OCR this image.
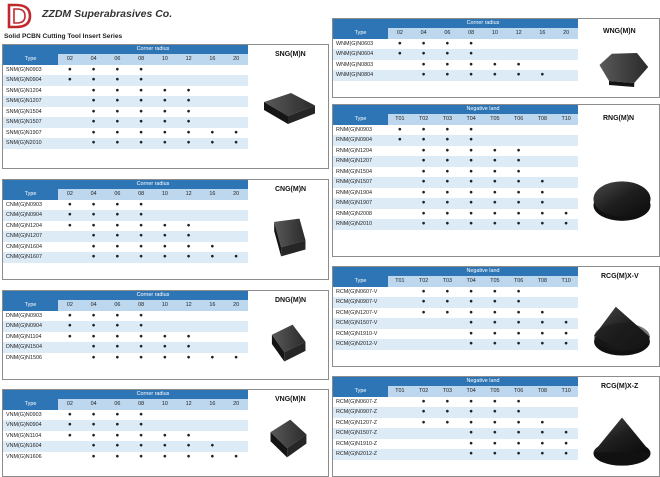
ZZDM Superabrasives Co.
Solid PCBN Cutting Tool Insert Series
	Corner radius							
Type	02	04	06	08	10	12	16	20
SNM(G)N0903	●	●	●	●				
SNM(G)N0904	●	●	●	●				
SNM(G)N1204		●	●	●	●	●		
SNM(G)N1207		●	●	●	●	●		
SNM(G)N1504		●	●	●	●	●		
SNM(G)N1507		●	●	●	●	●		
SNM(G)N1907		●	●	●	●	●	●	●
SNM(G)N2010		●	●	●	●	●	●	●
SNG(M)N
	Corner radius							
Type	02	04	06	08	10	12	16	20
CNM(G)N0903	●	●	●	●				
CNM(G)N0904	●	●	●	●				
CNM(G)N1204	●	●	●	●	●	●		
CNM(G)N1207		●	●	●	●	●		
CNM(G)N1604		●	●	●	●	●	●	
CNM(G)N1607		●	●	●	●	●	●	●
CNG(M)N
	Corner radius							
Type	02	04	06	08	10	12	16	20
DNM(G)N0903	●	●	●	●				
DNM(G)N0904	●	●	●	●				
DNM(G)N1104	●	●	●	●	●	●		
DNM(G)N1504		●	●	●	●	●		
DNM(G)N1506		●	●	●	●	●	●	●
DNG(M)N
	Corner radius							
Type	02	04	06	08	10	12	16	20
VNM(G)N0903	●	●	●	●				
VNM(G)N0904	●	●	●	●				
VNM(G)N1104	●	●	●	●	●	●		
VNM(G)N1604		●	●	●	●	●	●	
VNM(G)N1606		●	●	●	●	●	●	●
VNG(M)N
	Corner radius							
Type	02	04	06	08	10	12	16	20
WNM(G)N0603	●	●	●	●				
WNM(G)N0604	●	●	●	●				
WNM(G)N0803		●	●	●	●	●		
WNM(G)N0804		●	●	●	●	●	●	
WNG(M)N
	Negative land							
Type	T01	T02	T03	T04	T05	T06	T08	T10
RNM(G)N0903	●	●	●	●				
RNM(G)N0904	●	●	●	●				
RNM(G)N1204		●	●	●	●	●		
RNM(G)N1207		●	●	●	●	●		
RNM(G)N1504		●	●	●	●	●		
RNM(G)N1507		●	●	●	●	●	●	
RNM(G)N1904		●	●	●	●	●	●	
RNM(G)N1907		●	●	●	●	●	●	
RNM(G)N2008		●	●	●	●	●	●	●
RNM(G)N2010		●	●	●	●	●	●	●
RNG(M)N
	Negative land							
Type	T01	T02	T03	T04	T05	T06	T08	T10
RCM(G)N0607-V		●	●	●	●	●		
RCM(G)N0907-V		●	●	●	●	●		
RCM(G)N1207-V		●	●	●	●	●	●	
RCM(G)N1507-V				●	●	●	●	●
RCM(G)N1910-V				●	●	●	●	●
RCM(G)N2012-V				●	●	●	●	●
RCG(M)X-V
	Negative land							
Type	T01	T02	T03	T04	T05	T06	T08	T10
RCM(G)N0607-Z		●	●	●	●	●		
RCM(G)N0907-Z		●	●	●	●	●		
RCM(G)N1207-Z		●	●	●	●	●	●	
RCM(G)N1507-Z				●	●	●	●	●
RCM(G)N1910-Z				●	●	●	●	●
RCM(G)N2012-Z				●	●	●	●	●
RCG(M)X-Z
